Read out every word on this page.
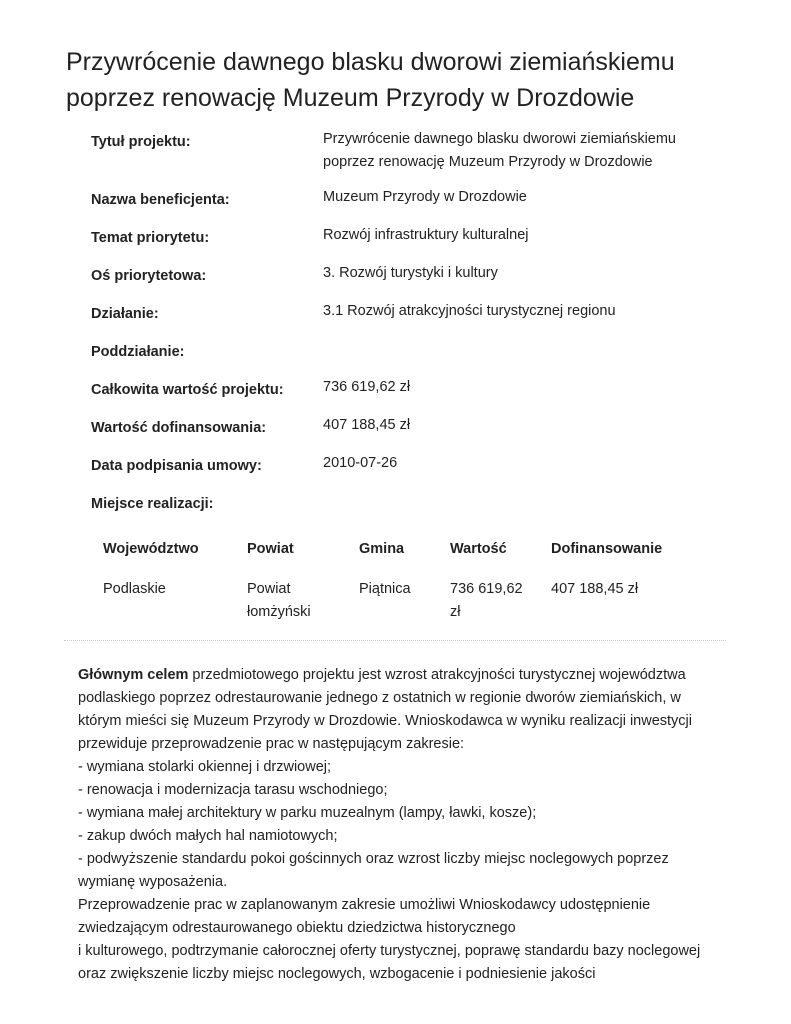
Przywrócenie dawnego blasku dworowi ziemiańskiemu poprzez renowację Muzeum Przyrody w Drozdowie
Tytuł projektu:	Przywrócenie dawnego blasku dworowi ziemiańskiemu poprzez renowację Muzeum Przyrody w Drozdowie
Nazwa beneficjenta:	Muzeum Przyrody w Drozdowie
Temat priorytetu:	Rozwój infrastruktury kulturalnej
Oś priorytetowa:	3. Rozwój turystyki i kultury
Działanie:	3.1 Rozwój atrakcyjności turystycznej regionu
Poddziałanie:
Całkowita wartość projektu:	736 619,62 zł
Wartość dofinansowania:	407 188,45 zł
Data podpisania umowy:	2010-07-26
Miejsce realizacji:
Województwo	Powiat	Gmina	Wartość	Dofinansowanie
Podlaskie	Powiat łomżyński	Piątnica	736 619,62 zł	407 188,45 zł

Głównym celem przedmiotowego projektu jest wzrost atrakcyjności turystycznej województwa podlaskiego poprzez odrestaurowanie jednego z ostatnich w regionie dworów ziemiańskich, w którym mieści się Muzeum Przyrody w Drozdowie. Wnioskodawca w wyniku realizacji inwestycji przewiduje przeprowadzenie prac w następującym zakresie:

- wymiana stolarki okiennej i drzwiowej;

- renowacja i modernizacja tarasu wschodniego;

- wymiana małej architektury w parku muzealnym (lampy, ławki, kosze);

- zakup dwóch małych hal namiotowych;

- podwyższenie standardu pokoi gościnnych oraz wzrost liczby miejsc noclegowych poprzez wymianę wyposażenia.

Przeprowadzenie prac w zaplanowanym zakresie umożliwi Wnioskodawcy udostępnienie zwiedzającym odrestaurowanego obiektu dziedzictwa historycznego

i kulturowego, podtrzymanie całorocznej oferty turystycznej, poprawę standardu bazy noclegowej oraz zwiększenie liczby miejsc noclegowych, wzbogacenie i podniesienie jakości
